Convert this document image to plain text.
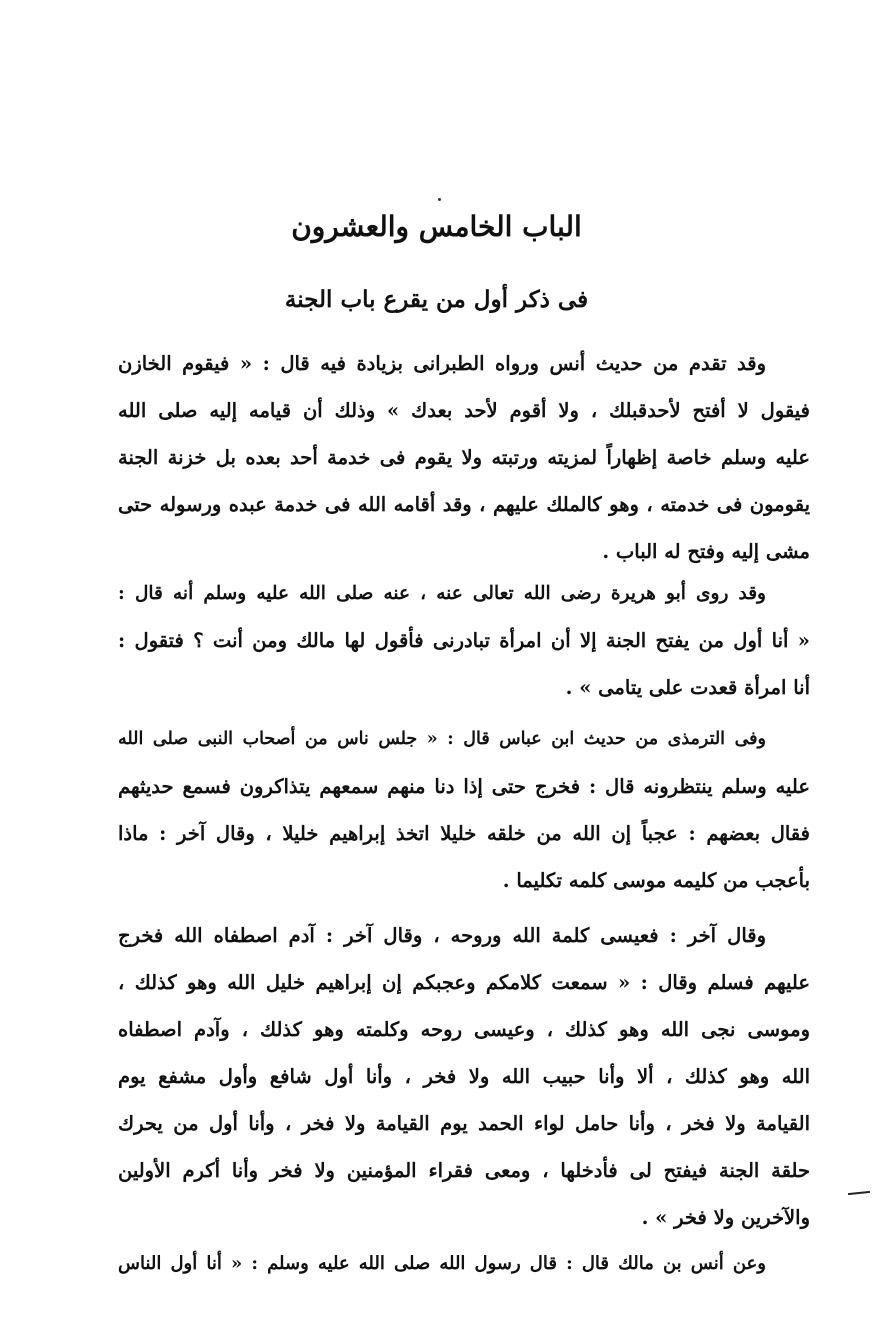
الباب الخامس والعشرون
فى ذكر أول من يقرع باب الجنة
وقد تقدم من حديث أنس ورواه الطبرانى بزيادة فيه قال : « فيقوم الخازن
فيقول لا أفتح لأحدقبلك ، ولا أقوم لأحد بعدك » وذلك أن قيامه إليه صلى الله
عليه وسلم خاصة إظهاراً لمزيته ورتبته ولا يقوم فى خدمة أحد بعده بل خزنة الجنة
يقومون فى خدمته ، وهو كالملك عليهم ، وقد أقامه الله فى خدمة عبده ورسوله حتى
مشى إليه وفتح له الباب .
وقد روى أبو هريرة رضى الله تعالى عنه ، عنه صلى الله عليه وسلم أنه قال :
« أنا أول من يفتح الجنة إلا أن امرأة تبادرنى فأقول لها مالك ومن أنت ؟ فتقول :
أنا امرأة قعدت على يتامى » .
وفى الترمذى من حديث ابن عباس قال : « جلس ناس من أصحاب النبى صلى الله
عليه وسلم ينتظرونه قال : فخرج حتى إذا دنا منهم سمعهم يتذاكرون فسمع حديثهم
فقال بعضهم : عجباً إن الله من خلقه خليلا اتخذ إبراهيم خليلا ، وقال آخر : ماذا
بأعجب من كليمه موسى كلمه تكليما .
وقال آخر : فعيسى كلمة الله وروحه ، وقال آخر : آدم اصطفاه الله فخرج
عليهم فسلم وقال : « سمعت كلامكم وعجبكم إن إبراهيم خليل الله وهو كذلك ،
وموسى نجى الله وهو كذلك ، وعيسى روحه وكلمته وهو كذلك ، وآدم اصطفاه
الله وهو كذلك ، ألا وأنا حبيب الله ولا فخر ، وأنا أول شافع وأول مشفع يوم
القيامة ولا فخر ، وأنا حامل لواء الحمد يوم القيامة ولا فخر ، وأنا أول من يحرك
حلقة الجنة فيفتح لى فأدخلها ، ومعى فقراء المؤمنين ولا فخر وأنا أكرم الأولين
والآخرين ولا فخر » .
وعن أنس بن مالك قال : قال رسول الله صلى الله عليه وسلم : « أنا أول الناس
